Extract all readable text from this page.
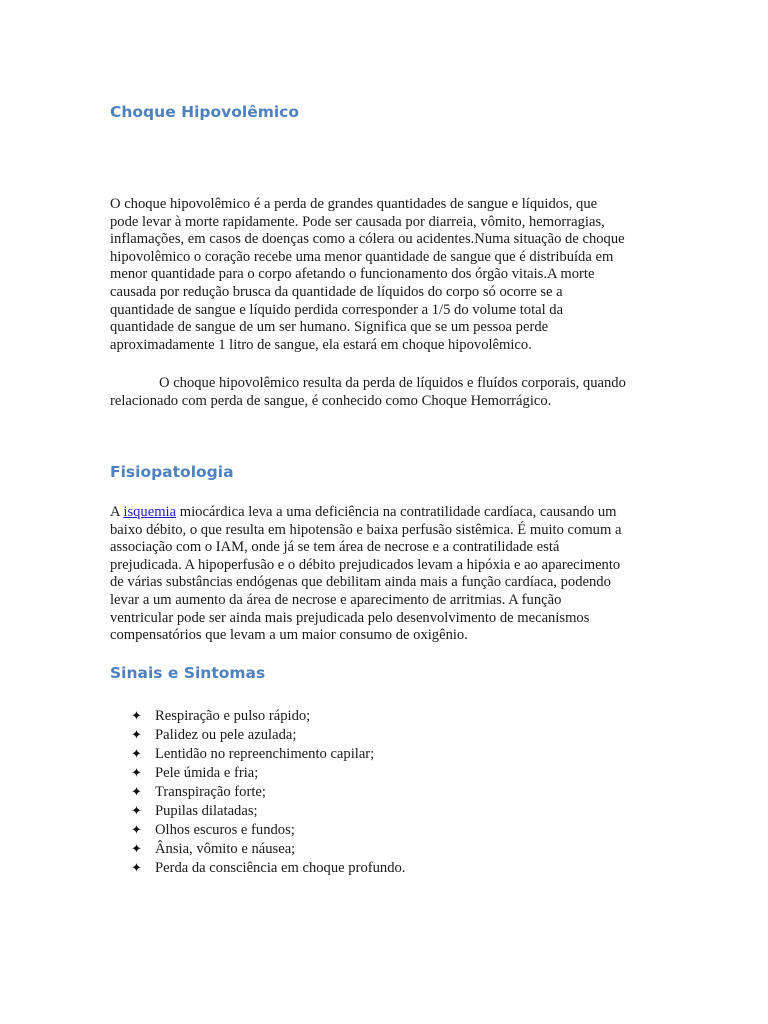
Choque Hipovolêmico

O choque hipovolêmico é a perda de grandes quantidades de sangue e líquidos, que
pode levar à morte rapidamente. Pode ser causada por diarreia, vômito, hemorragias,
inflamações, em casos de doenças como a cólera ou acidentes.Numa situação de choque
hipovolêmico o coração recebe uma menor quantidade de sangue que é distribuída em
menor quantidade para o corpo afetando o funcionamento dos órgão vitais.A morte
causada por redução brusca da quantidade de líquidos do corpo só ocorre se a
quantidade de sangue e líquido perdida corresponder a 1/5 do volume total da
quantidade de sangue de um ser humano. Significa que se um pessoa perde
aproximadamente 1 litro de sangue, ela estará em choque hipovolêmico.

O choque hipovolêmico resulta da perda de líquidos e fluídos corporais, quando
relacionado com perda de sangue, é conhecido como Choque Hemorrágico.

Fisiopatologia

A isquemia miocárdica leva a uma deficiência na contratilidade cardíaca, causando um
baixo débito, o que resulta em hipotensão e baixa perfusão sistêmica. É muito comum a
associação com o IAM, onde já se tem área de necrose e a contratilidade está
prejudicada. A hipoperfusão e o débito prejudicados levam a hipóxia e ao aparecimento
de várias substâncias endógenas que debilitam ainda mais a função cardíaca, podendo
levar a um aumento da área de necrose e aparecimento de arritmias. A função
ventricular pode ser ainda mais prejudicada pelo desenvolvimento de mecanismos
compensatórios que levam a um maior consumo de oxigênio.

Sinais e Sintomas
✦ Respiração e pulso rápido;
✦ Palidez ou pele azulada;
✦ Lentidão no repreenchimento capilar;
✦ Pele úmida e fria;
✦ Transpiração forte;
✦ Pupilas dilatadas;
✦ Olhos escuros e fundos;
✦ Ânsia, vômito e náusea;
✦ Perda da consciência em choque profundo.
